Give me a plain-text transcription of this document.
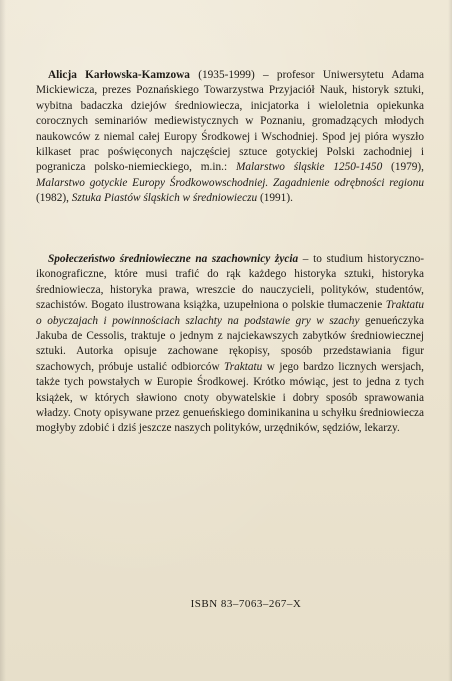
Alicja Karłowska-Kamzowa (1935-1999) – profesor Uniwersytetu Adama Mickiewicza, prezes Poznańskiego Towarzystwa Przyjaciół Nauk, historyk sztuki, wybitna badaczka dziejów średniowiecza, inicjatorka i wieloletnia opiekunka corocznych seminariów mediewistycznych w Poznaniu, gromadzących młodych naukowców z niemal całej Europy Środkowej i Wschodniej. Spod jej pióra wyszło kilkaset prac poświęconych najczęściej sztuce gotyckiej Polski zachodniej i pogranicza polsko-niemieckiego, m.in.: Malarstwo śląskie 1250-1450 (1979), Malarstwo gotyckie Europy Środkowowschodniej. Zagadnienie odrębności regionu (1982), Sztuka Piastów śląskich w średniowieczu (1991).

Społeczeństwo średniowieczne na szachownicy życia – to studium historyczno-ikonograficzne, które musi trafić do rąk każdego historyka sztuki, historyka średniowiecza, historyka prawa, wreszcie do nauczycieli, polityków, studentów, szachistów. Bogato ilustrowana książka, uzupełniona o polskie tłumaczenie Traktatu o obyczajach i powinnościach szlachty na podstawie gry w szachy genueńczyka Jakuba de Cessolis, traktuje o jednym z najciekawszych zabytków średniowiecznej sztuki. Autorka opisuje zachowane rękopisy, sposób przedstawiania figur szachowych, próbuje ustalić odbiorców Traktatu w jego bardzo licznych wersjach, także tych powstałych w Europie Środkowej. Krótko mówiąc, jest to jedna z tych książek, w których sławiono cnoty obywatelskie i dobry sposób sprawowania władzy. Cnoty opisywane przez genueńskiego dominikanina u schyłku średniowiecza mogłyby zdobić i dziś jeszcze naszych polityków, urzędników, sędziów, lekarzy.

ISBN 83–7063–267–X
